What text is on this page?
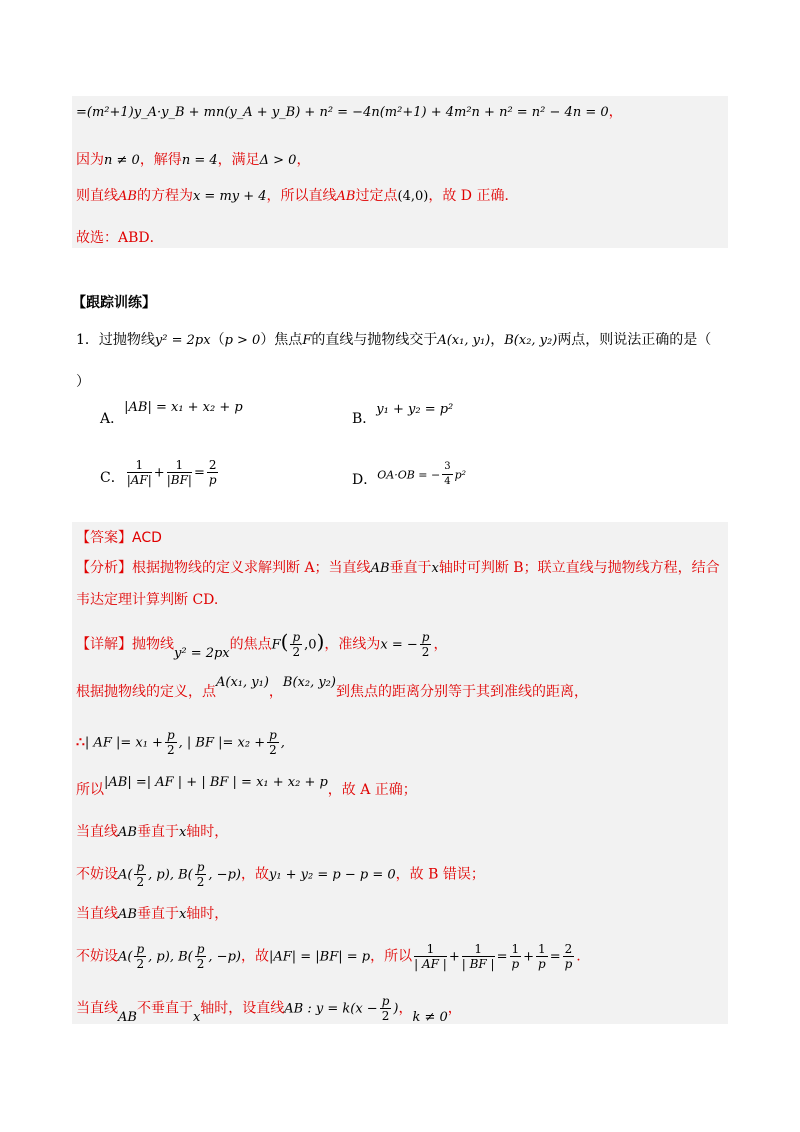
=(m²+1)y_A·y_B + mn(y_A + y_B) + n² = −4n(m²+1) + 4m²n + n² = n² − 4n = 0，
因为n ≠ 0，解得n = 4，满足Δ > 0，
则直线AB的方程为x = my + 4，所以直线AB过定点(4,0)，故 D 正确．
故选：ABD．
【跟踪训练】
1．过抛物线y² = 2px（p > 0）焦点F的直线与抛物线交于A(x₁, y₁)，B(x₂, y₂)两点，则说法正确的是（
）
A．|AB| = x₁ + x₂ + p
B．y₁ + y₂ = p²
C． $\frac{1}{|AF|} + \frac{1}{|BF|} = \frac{2}{p}$	D．OA·OB = − $\frac{3}{4} p^2$
【答案】ACD
【分析】根据抛物线的定义求解判断 A；当直线AB垂直于x轴时可判断 B；联立直线与抛物线方程，结合
韦达定理计算判断 CD.
【详解】抛物线y² = 2px的焦点$F( \frac{p}{2} ,0)$，准线为x = − $\frac{p}{2}$ ，
根据抛物线的定义，点A(x₁, y₁)，B(x₂, y₂)到焦点的距离分别等于其到准线的距离，
∴| AF |= $x_1 + \frac{p}{2}$ , | BF |= $x_2 + \frac{p}{2}$ ,
所以|AB| =| AF | + | BF | = x₁ + x₂ + p，故 A 正确；
当直线AB垂直于x轴时，
不妨设$A( \frac{p}{2}$ , p), $B( \frac{p}{2}$ , −p)，故y₁ + y₂ = p − p = 0，故 B 错误；
当直线AB垂直于x轴时，
不妨设$A( \frac{p}{2}$ , p), $B( \frac{p}{2}$ , −p)，故|AF| = |BF| = p，所以 $\frac{1}{| AF |} + \frac{1}{| BF |} = \frac{1}{p} + \frac{1}{p} = \frac{2}{p}$ .
当直线AB不垂直于x轴时，设直线AB : $y = k(x - \frac{p}{2}$ )，k ≠ 0，
